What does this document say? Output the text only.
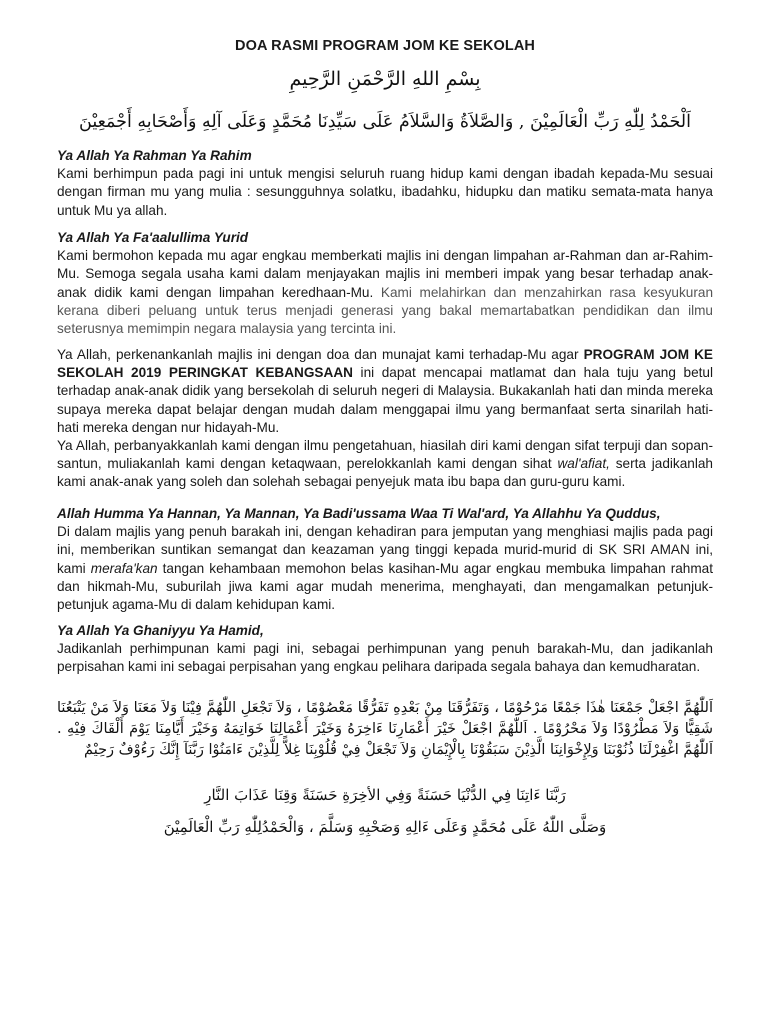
DOA RASMI PROGRAM JOM KE SEKOLAH
بِسْمِ اللهِ الرَّحْمَنِ الرَّحِيمِ
اَلْحَمْدُ لِلّٰهِ رَبِّ الْعَالَمِيْنَ , وَالصَّلاَةُ وَالسَّلاَمُ عَلَى سَيِّدِنَا مُحَمَّدٍ وَعَلَى آلِهِ وَأَصْحَابِهِ أَجْمَعِيْنَ

Ya Allah Ya Rahman Ya Rahim

Kami berhimpun pada pagi ini untuk mengisi seluruh ruang hidup kami dengan ibadah kepada-Mu sesuai dengan firman mu yang mulia : sesungguhnya solatku, ibadahku, hidupku dan matiku semata-mata hanya untuk Mu ya allah.

Ya Allah Ya Fa'aalullima Yurid

Kami bermohon kepada mu agar engkau memberkati majlis ini dengan limpahan ar-Rahman dan ar-Rahim-Mu. Semoga segala usaha kami dalam menjayakan majlis ini memberi impak yang besar terhadap anak-anak didik kami dengan limpahan keredhaan-Mu. Kami melahirkan dan menzahirkan rasa kesyukuran kerana diberi peluang untuk terus menjadi generasi yang bakal memartabatkan pendidikan dan ilmu seterusnya memimpin negara malaysia yang tercinta ini.

Ya Allah, perkenankanlah majlis ini dengan doa dan munajat kami terhadap-Mu agar PROGRAM JOM KE SEKOLAH 2019 PERINGKAT KEBANGSAAN ini dapat mencapai matlamat dan hala tuju yang betul terhadap anak-anak didik yang bersekolah di seluruh negeri di Malaysia. Bukakanlah hati dan minda mereka supaya mereka dapat belajar dengan mudah dalam menggapai ilmu yang bermanfaat serta sinarilah hati-hati mereka dengan nur hidayah-Mu.

Ya Allah, perbanyakkanlah kami dengan ilmu pengetahuan, hiasilah diri kami dengan sifat terpuji dan sopan-santun, muliakanlah kami dengan ketaqwaan, perelokkanlah kami dengan sihat wal'afiat, serta jadikanlah kami anak-anak yang soleh dan solehah sebagai penyejuk mata ibu bapa dan guru-guru kami.

Allah Humma Ya Hannan, Ya Mannan, Ya Badi'ussama Waa Ti Wal'ard, Ya Allahhu Ya Quddus,

Di dalam majlis yang penuh barakah ini, dengan kehadiran para jemputan yang menghiasi majlis pada pagi ini, memberikan suntikan semangat dan keazaman yang tinggi kepada murid-murid di SK SRI AMAN ini, kami merafa'kan tangan kehambaan memohon belas kasihan-Mu agar engkau membuka limpahan rahmat dan hikmah-Mu, suburilah jiwa kami agar mudah menerima, menghayati, dan mengamalkan petunjuk-petunjuk agama-Mu di dalam kehidupan kami.

Ya Allah Ya Ghaniyyu Ya Hamid,

Jadikanlah perhimpunan kami pagi ini, sebagai perhimpunan yang penuh barakah-Mu, dan jadikanlah perpisahan kami ini sebagai perpisahan yang engkau pelihara daripada segala bahaya dan kemudharatan.

اَللّٰهُمَّ اجْعَلْ جَمْعَنَا هٰذَا جَمْعًا مَرْحُوْمًا ، وَتَفَرُّقَنَا مِنْ بَعْدِهِ تَفَرُّقًا مَعْصُوْمًا ، وَلاَ تَجْعَلِ اللّٰهُمَّ فِيْنَا وَلاَ مَعَنَا وَلاَ مَنْ يَتْبَعُنَا شَقِيًّا وَلاَ مَطْرُوْدًا وَلاَ مَحْرُوْمًا . اَللّٰهُمَّ اجْعَلْ خَيْرَ أَعْمَارِنَا ءَاخِرَهُ وَخَيْرَ أَعْمَالِنَا خَوَاتِمَهُ وَخَيْرَ أَيَّامِنَا يَوْمَ أَلْقَاكَ فِيْهِ . اَللّٰهُمَّ اغْفِرْلَنَا ذُنُوْبَنَا وَلِإِخْوَانِنَا الَّذِيْنَ سَبَقُوْنَا بِالْإِيْمَانِ وَلاَ تَجْعَلْ فِيْ قُلُوْبِنَا غِلاًّ لِلَّذِيْنَ ءَامَنُوْا رَبَّنَآ إِنَّكَ رَءُوْفٌ رَحِيْمٌ
رَبَّنَا ءَاتِنَا فِي الدُّنْيَا حَسَنَةً وَفِي الأخِرَةِ حَسَنَةً وَقِنَا عَذَابَ النَّارِ
وَصَلَّى اللّٰهُ عَلَى مُحَمَّدٍ وَعَلَى ءَالِهِ وَصَحْبِهِ وَسَلَّمَ ، وَالْحَمْدُلِلّٰهِ رَبِّ الْعَالَمِيْنَ
